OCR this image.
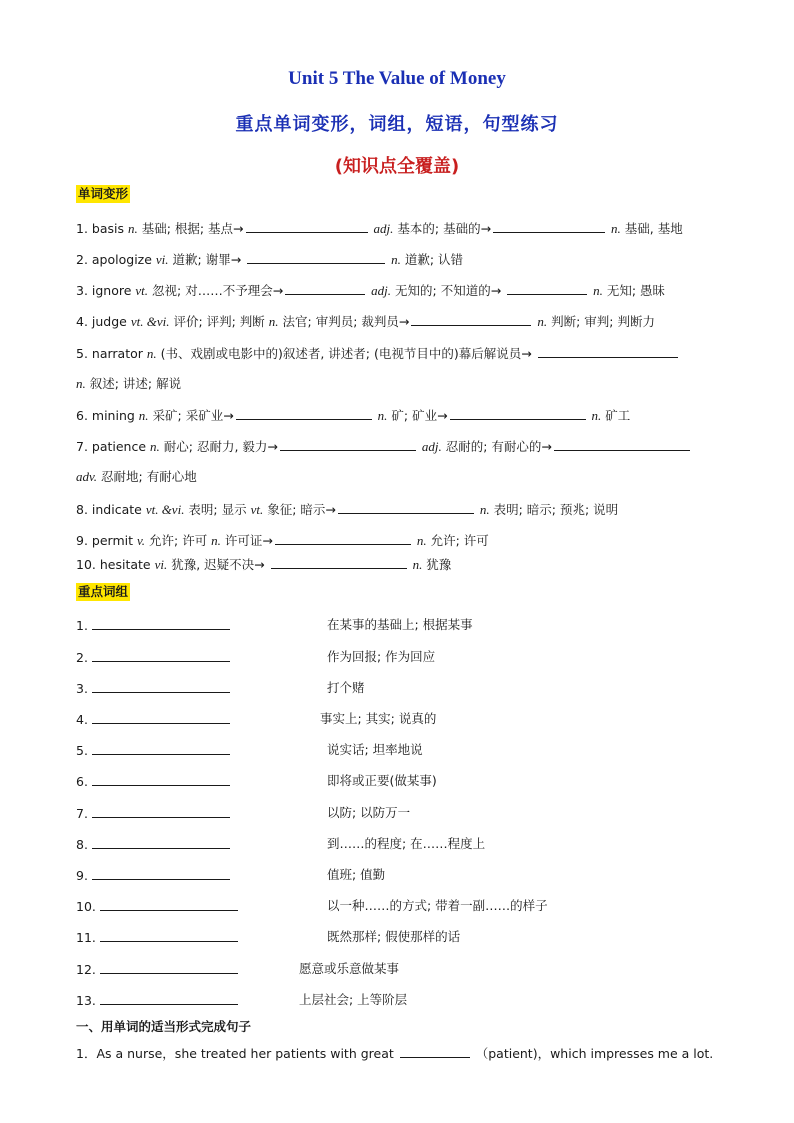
Unit 5 The Value of Money
重点单词变形，词组，短语，句型练习
(知识点全覆盖)
单词变形
1. basis n. 基础; 根据; 基点→	adj. 基本的; 基础的→	n. 基础, 基地
2. apologize vi. 道歉; 谢罪→	n. 道歉; 认错
3. ignore vt. 忽视; 对……不予理会→	adj. 无知的; 不知道的→	n. 无知; 愚昧
4. judge vt. &vi. 评价; 评判; 判断 n. 法官; 审判员; 裁判员→	n. 判断; 审判; 判断力
5. narrator n. (书、戏剧或电影中的)叙述者, 讲述者; (电视节目中的)幕后解说员→
n. 叙述; 讲述; 解说
6. mining n. 采矿; 采矿业→	n. 矿; 矿业→	n. 矿工
7. patience n. 耐心; 忍耐力, 毅力→	adj. 忍耐的; 有耐心的→
adv. 忍耐地; 有耐心地
8. indicate vt. &vi. 表明; 显示 vt. 象征; 暗示→	n. 表明; 暗示; 预兆; 说明
9. permit v. 允许; 许可 n. 许可证→	n. 允许; 许可
10. hesitate vi. 犹豫, 迟疑不决→	n. 犹豫
重点词组
1.	在某事的基础上; 根据某事
2.	作为回报; 作为回应
3.	打个赌
4.	事实上; 其实; 说真的
5.	说实话; 坦率地说
6.	即将或正要(做某事)
7.	以防; 以防万一
8.	到……的程度; 在……程度上
9.	值班; 值勤
10.	以一种……的方式; 带着一副……的样子
11.	既然那样; 假使那样的话
12.	愿意或乐意做某事
13.	上层社会; 上等阶层
一、用单词的适当形式完成句子
1．As a nurse，she treated her patients with great	（patient)，which impresses me a lot.
